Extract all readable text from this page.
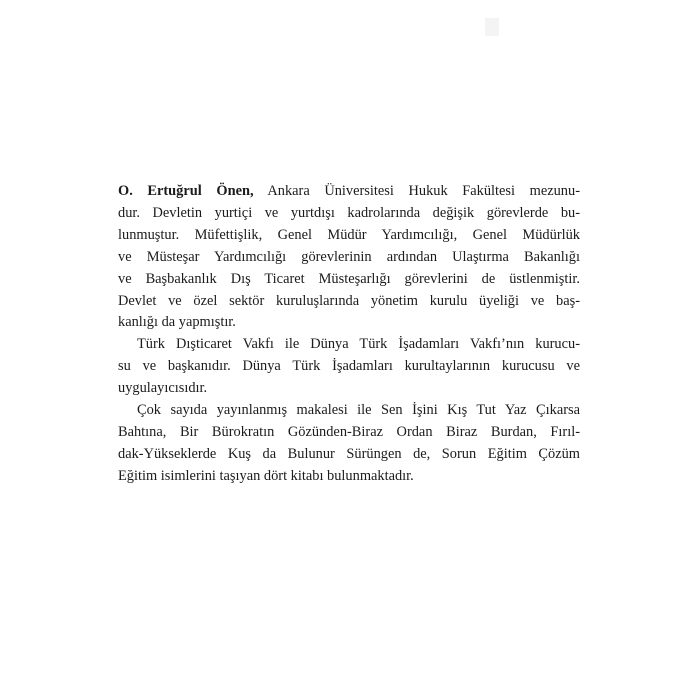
O. Ertuğrul Önen, Ankara Üniversitesi Hukuk Fakültesi mezunu-
dur. Devletin yurtiçi ve yurtdışı kadrolarında değişik görevlerde bu-
lunmuştur. Müfettişlik, Genel Müdür Yardımcılığı, Genel Müdürlük
ve Müsteşar Yardımcılığı görevlerinin ardından Ulaştırma Bakanlığı
ve Başbakanlık Dış Ticaret Müsteşarlığı görevlerini de üstlenmiştir.
Devlet ve özel sektör kuruluşlarında yönetim kurulu üyeliği ve baş-
kanlığı da yapmıştır.
Türk Dışticaret Vakfı ile Dünya Türk İşadamları Vakfı’nın kurucu-
su ve başkanıdır. Dünya Türk İşadamları kurultaylarının kurucusu ve
uygulayıcısıdır.
Çok sayıda yayınlanmış makalesi ile Sen İşini Kış Tut Yaz Çıkarsa
Bahtına, Bir Bürokratın Gözünden-Biraz Ordan Biraz Burdan, Fırıl-
dak-Yükseklerde Kuş da Bulunur Sürüngen de, Sorun Eğitim Çözüm
Eğitim isimlerini taşıyan dört kitabı bulunmaktadır.
